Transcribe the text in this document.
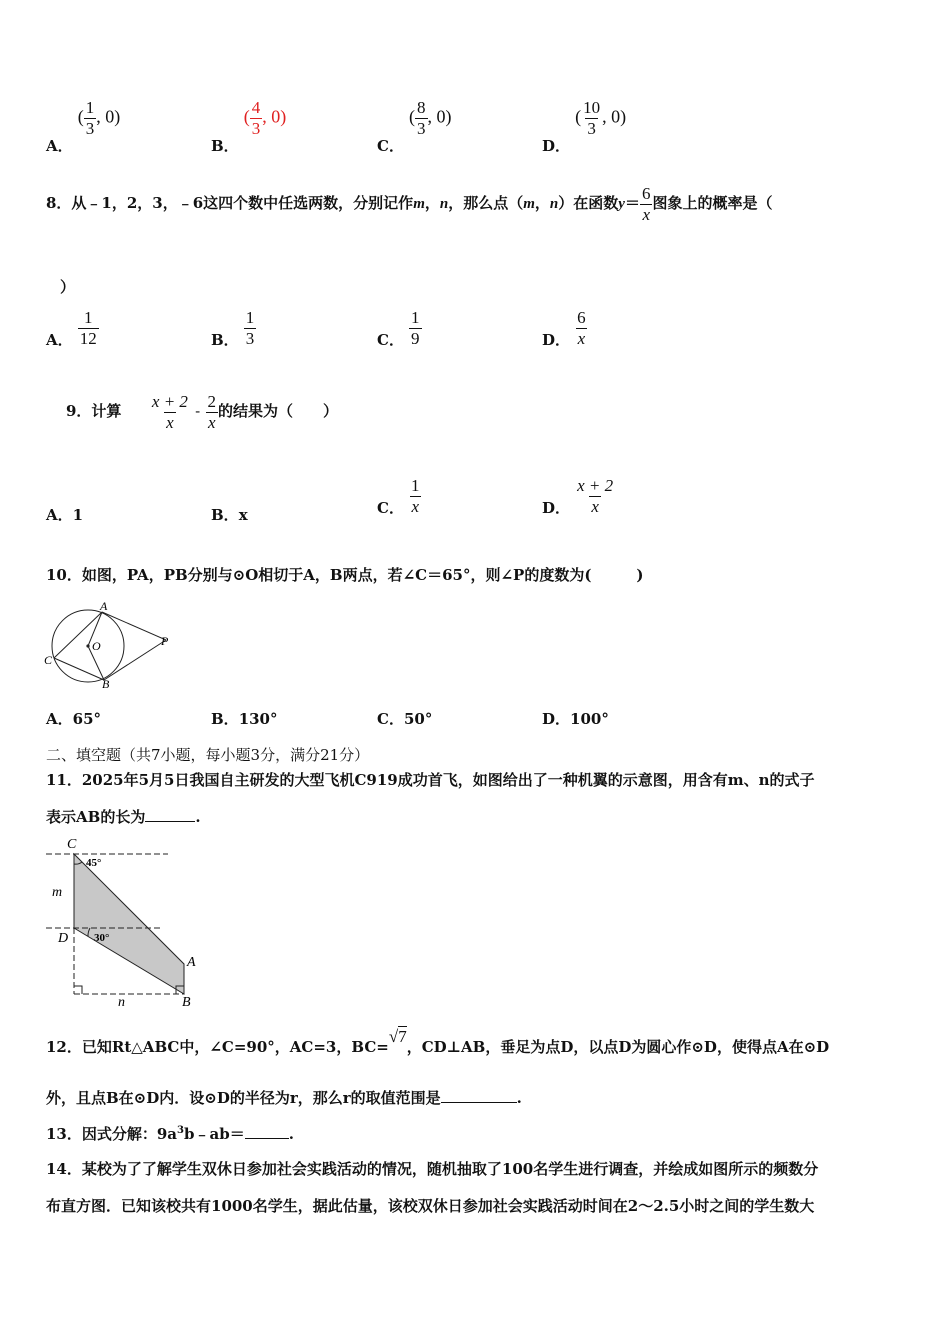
A． ( $\frac{1}{3}$ , 0)
B． ( $\frac{4}{3}$ , 0)
C． ( $\frac{8}{3}$ , 0)
D． ( $\frac{10}{3}$ , 0)
8．从﹣1，2，3，﹣6这四个数中任选两数，分别记作m，n，那么点（m，n）在函数$y= \frac{6}{x}$ 图象上的概率是（
）
A． $\frac{1}{12}$	B． $\frac{1}{3}$	C． $\frac{1}{9}$	D． $\frac{6}{x}$
9．计算 $\frac{x + 2}{x} - \frac{2}{x}$ 的结果为（　　）
A．1	B．x	C． $\frac{1}{x}$	D． $\frac{x + 2}{x}$
10．如图，PA，PB分别与⊙O相切于A，B两点，若∠C＝65°，则∠P的度数为(　　　)
A
O	P
C
B
A．65°	B．130°	C．50°	D．100°
二、填空题（共7小题，每小题3分，满分21分）
11．2025年5月5日我国自主研发的大型飞机C919成功首飞，如图给出了一种机翼的示意图，用含有m、n的式子
表示AB的长为	.
C
45°
m
D 30°
A
n	B
12．已知Rt△ABC中，∠C=90°，AC=3，BC=√7，CD⊥AB，垂足为点D，以点D为圆心作⊙D，使得点A在⊙D
外，且点B在⊙D内．设⊙D的半径为r，那么r的取值范围是	.
13．因式分解：$9a^3b﹣ab=$	.
14．某校为了了解学生双休日参加社会实践活动的情况，随机抽取了100名学生进行调查，并绘成如图所示的频数分
布直方图．已知该校共有1000名学生，据此估量，该校双休日参加社会实践活动时间在2～2.5小时之间的学生数大
